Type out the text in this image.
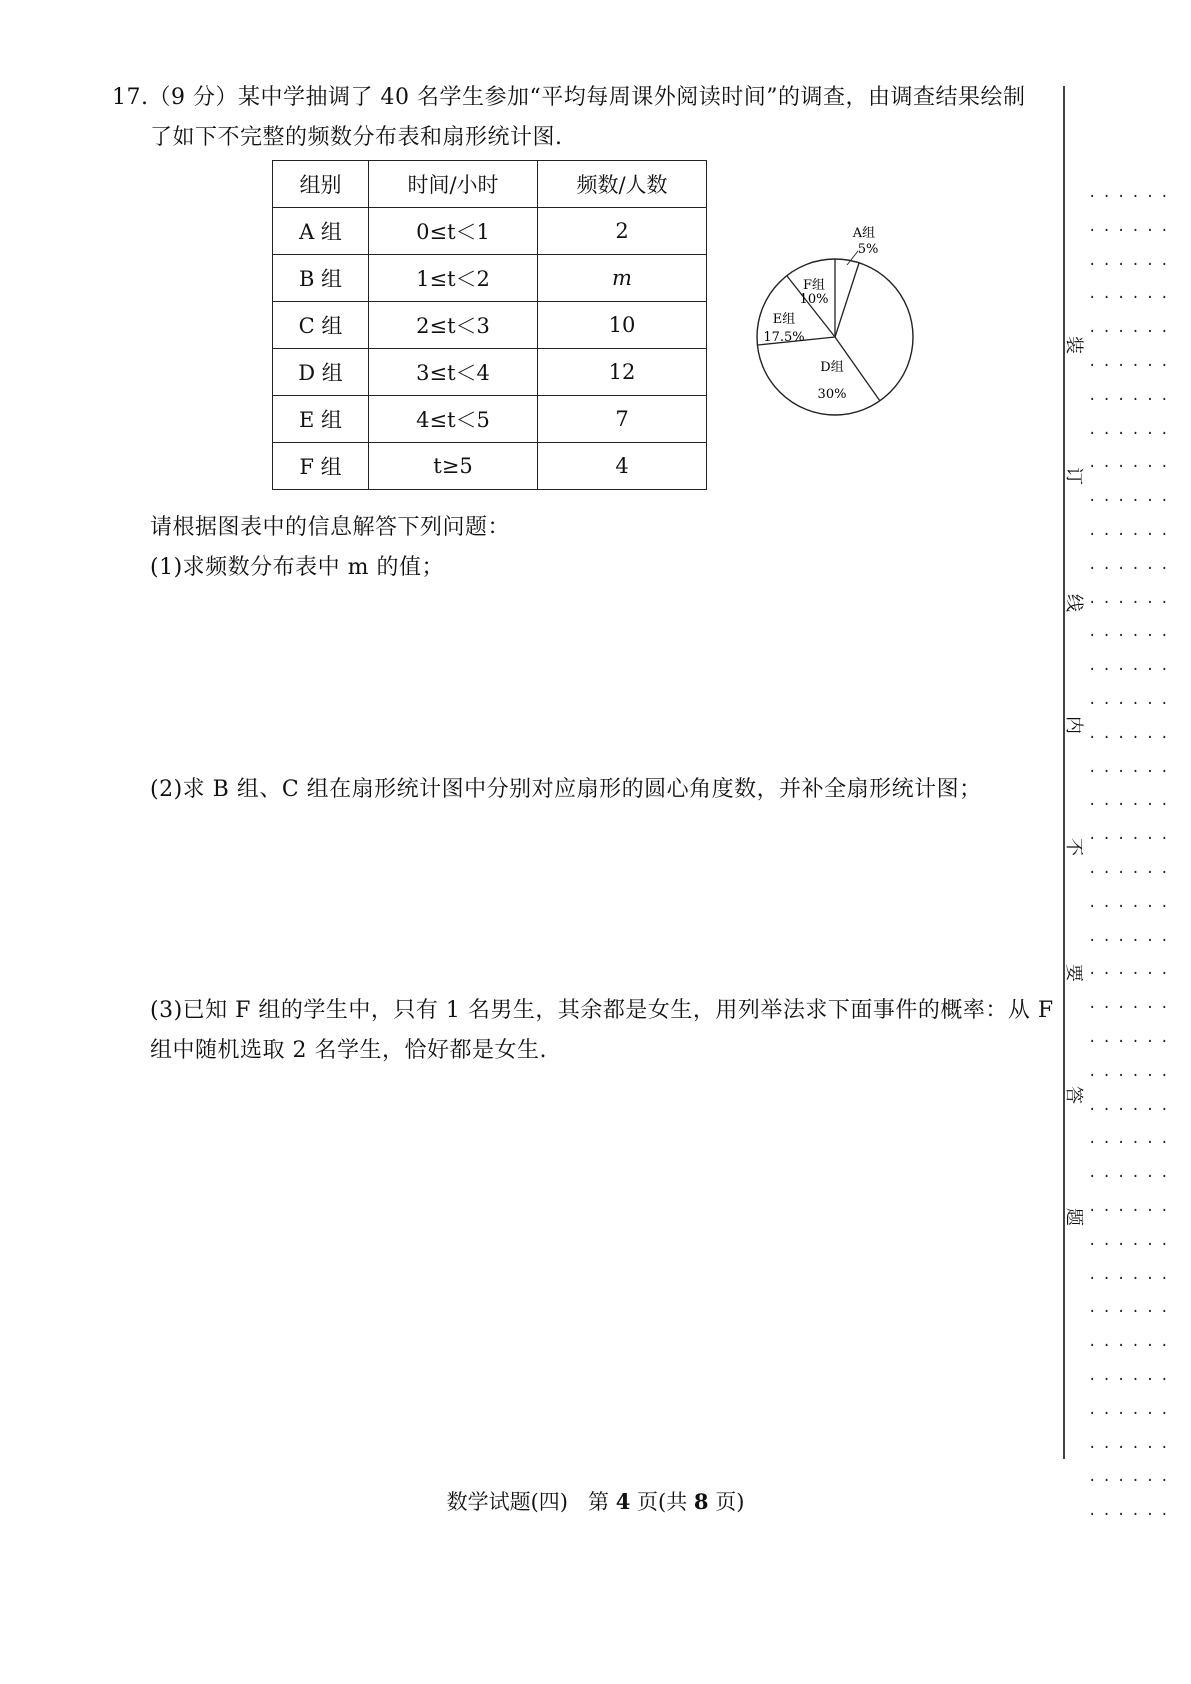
17.（9 分）某中学抽调了 40 名学生参加“平均每周课外阅读时间”的调查，由调查结果绘制
了如下不完整的频数分布表和扇形统计图.
组别	时间/小时	频数/人数
A 组	0≤t＜1	2
B 组	1≤t＜2	m
C 组	2≤t＜3	10
D 组	3≤t＜4	12
E 组	4≤t＜5	7
F 组	t≥5	4
A组
5%
F组
10%
E组
17.5%
D组
30%
请根据图表中的信息解答下列问题：
(1)求频数分布表中 m 的值；
(2)求 B 组、C 组在扇形统计图中分别对应扇形的圆心角度数，并补全扇形统计图；
(3)已知 F 组的学生中，只有 1 名男生，其余都是女生，用列举法求下面事件的概率：从 F
组中随机选取 2 名学生，恰好都是女生.
······
······
······
······
······
······
······
······
······
······
······
······
······
······
······
······
······
······
······
······
······
······
······
······
······
······
······
······
······
······
······
······
······
······
······
······
······
······
······
······
装
订
线
内
不
要
答
题
数学试题(四) 第 4 页(共 8 页)
